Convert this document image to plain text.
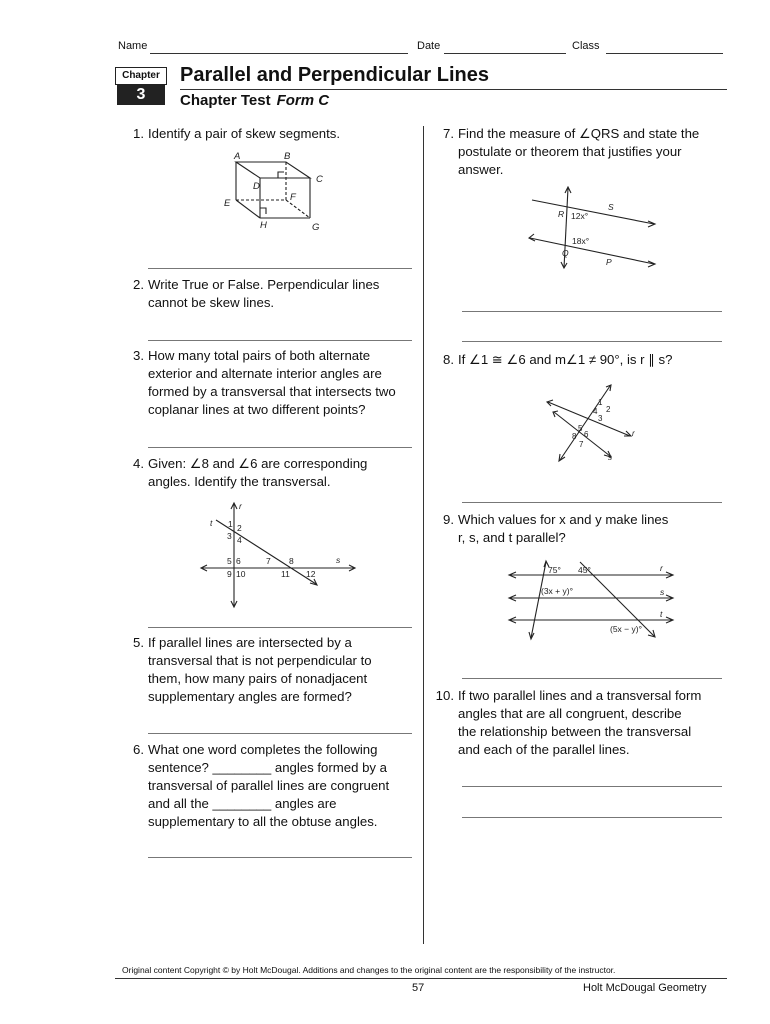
Name	Date	Class
Chapter
3
Parallel and Perpendicular Lines
Chapter Test Form C
1. Identify a pair of skew segments.
2. Write True or False. Perpendicular lines
cannot be skew lines.
3. How many total pairs of both alternate
exterior and alternate interior angles are
formed by a transversal that intersects two
coplanar lines at two different points?
4. Given: ∠8 and ∠6 are corresponding
angles. Identify the transversal.
5. If parallel lines are intersected by a
transversal that is not perpendicular to
them, how many pairs of nonadjacent
supplementary angles are formed?
6. What one word completes the following
sentence? ________ angles formed by a
transversal of parallel lines are congruent
and all the ________ angles are
supplementary to all the obtuse angles.
7. Find the measure of ∠QRS and state the
postulate or theorem that justifies your
answer.
8. If ∠1 ≅ ∠6 and m∠1 ≠ 90°, is r ∥ s?
9. Which values for x and y make lines
r, s, and t parallel?
10. If two parallel lines and a transversal form
angles that are all congruent, describe
the relationship between the transversal
and each of the parallel lines.
A	B
C
D
E
F
H	G
r
t
s
1 2
3 4
5 6	7 8
9 10	11 12
S
R 12x°
18x°
Q
P
1
2
3
4
5
6
7
8	r
s
75° 45°	r
(3x + y)°	s
t
(5x − y)°
Original content Copyright © by Holt McDougal. Additions and changes to the original content are the responsibility of the instructor.
57	Holt McDougal Geometry
